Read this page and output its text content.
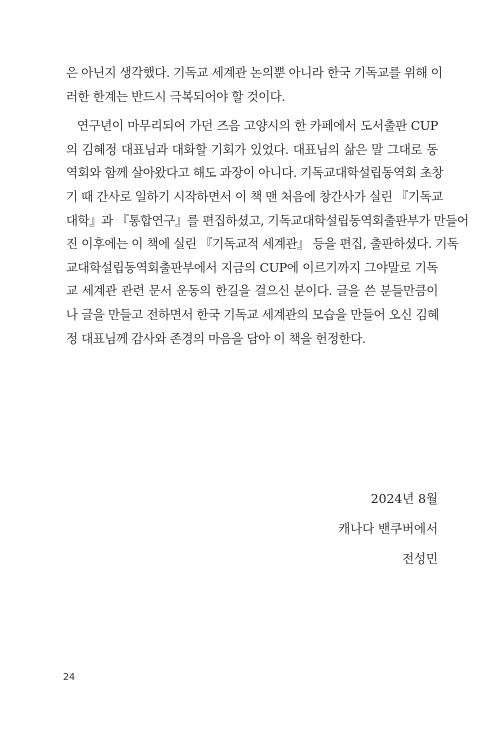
은 아닌지 생각했다. 기독교 세계관 논의뿐 아니라 한국 기독교를 위해 이
러한 한계는 반드시 극복되어야 할 것이다.
연구년이 마무리되어 가던 즈음 고양시의 한 카페에서 도서출판 CUP
의 김혜정 대표님과 대화할 기회가 있었다. 대표님의 삶은 말 그대로 동
역회와 함께 살아왔다고 해도 과장이 아니다. 기독교대학설립동역회 초창
기 때 간사로 일하기 시작하면서 이 책 맨 처음에 창간사가 실린 『기독교
대학』과 『통합연구』를 편집하셨고, 기독교대학설립동역회출판부가 만들어
진 이후에는 이 책에 실린 『기독교적 세계관』 등을 편집, 출판하셨다. 기독
교대학설립동역회출판부에서 지금의 CUP에 이르기까지 그야말로 기독
교 세계관 관련 문서 운동의 한길을 걸으신 분이다. 글을 쓴 분들만큼이
나 글을 만들고 전하면서 한국 기독교 세계관의 모습을 만들어 오신 김혜
정 대표님께 감사와 존경의 마음을 담아 이 책을 헌정한다.
2024년 8월
캐나다 밴쿠버에서
전성민
24
